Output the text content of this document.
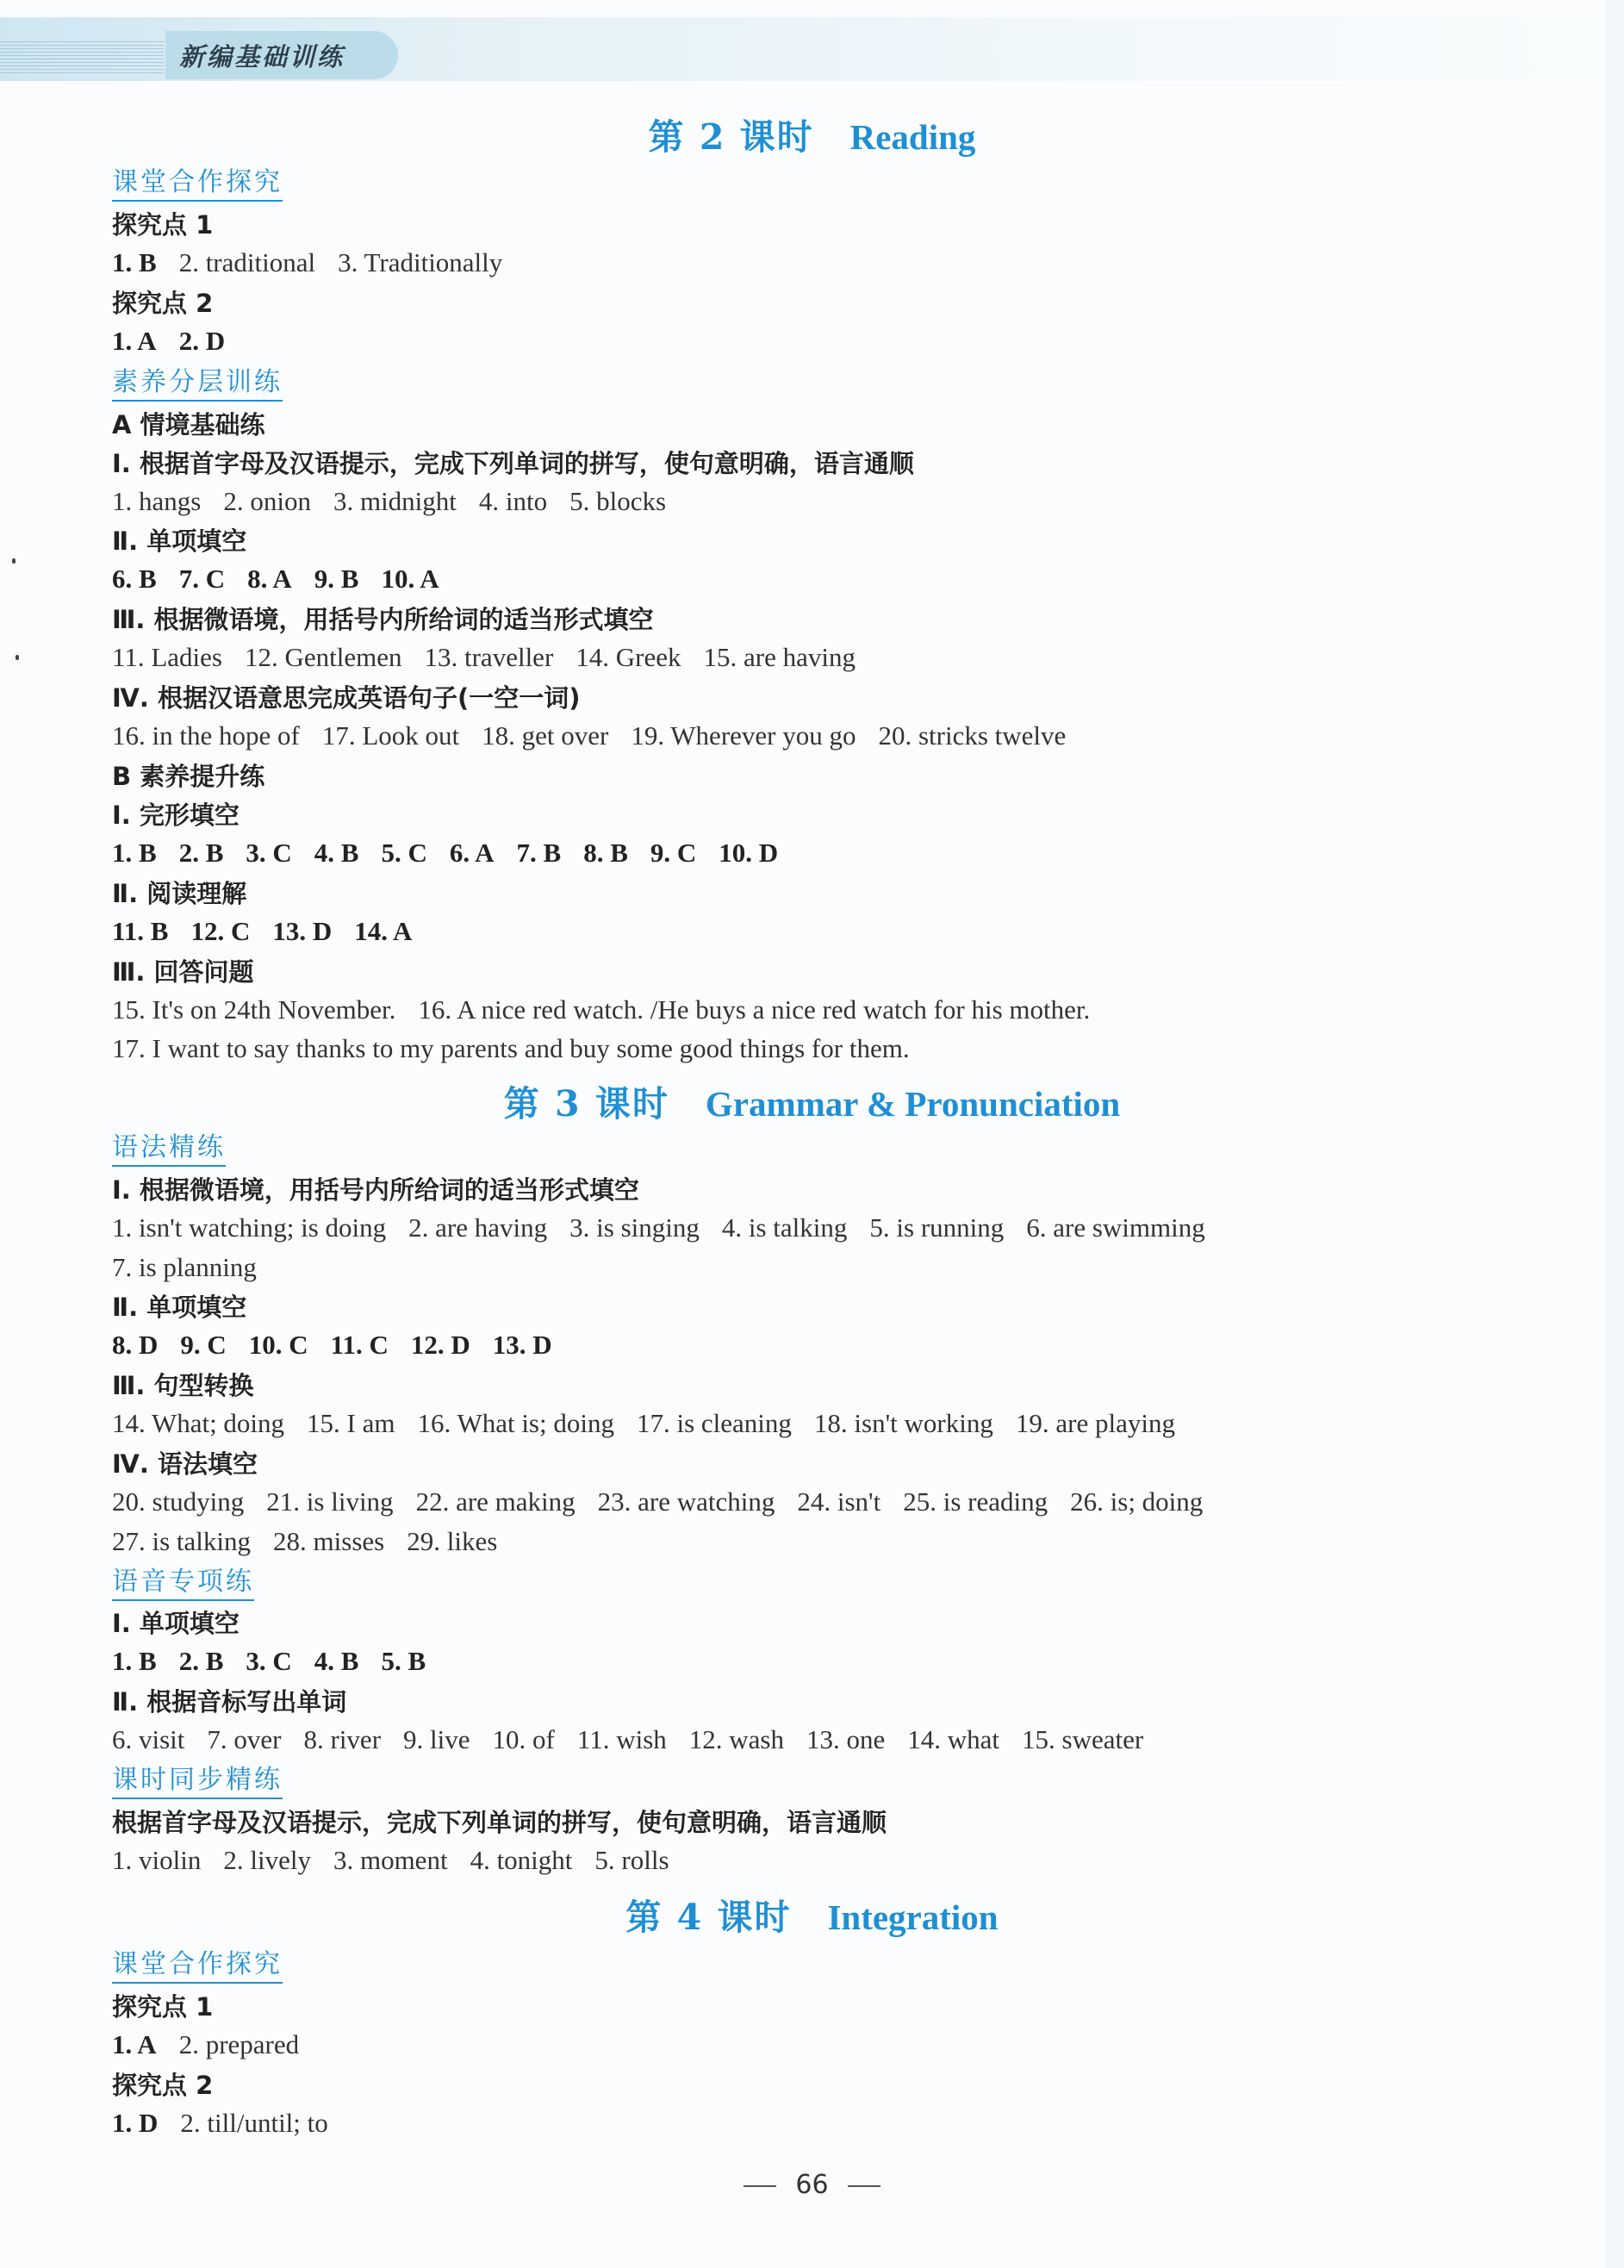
新编基础训练
第 2 课时 Reading
课堂合作探究
探究点 1
1. B 2. traditional 3. Traditionally
探究点 2
1. A 2. D
素养分层训练
A 情境基础练
Ⅰ. 根据首字母及汉语提示，完成下列单词的拼写，使句意明确，语言通顺
1. hangs 2. onion 3. midnight 4. into 5. blocks
Ⅱ. 单项填空
6. B 7. C 8. A 9. B 10. A
Ⅲ. 根据微语境，用括号内所给词的适当形式填空
11. Ladies 12. Gentlemen 13. traveller 14. Greek 15. are having
Ⅳ. 根据汉语意思完成英语句子(一空一词)
16. in the hope of 17. Look out 18. get over 19. Wherever you go 20. stricks twelve
B 素养提升练
Ⅰ. 完形填空
1. B 2. B 3. C 4. B 5. C 6. A 7. B 8. B 9. C 10. D
Ⅱ. 阅读理解
11. B 12. C 13. D 14. A
Ⅲ. 回答问题
15. It's on 24th November. 16. A nice red watch. /He buys a nice red watch for his mother.
17. I want to say thanks to my parents and buy some good things for them.
第 3 课时 Grammar & Pronunciation
语法精练
Ⅰ. 根据微语境，用括号内所给词的适当形式填空
1. isn't watching; is doing 2. are having 3. is singing 4. is talking 5. is running 6. are swimming
7. is planning
Ⅱ. 单项填空
8. D 9. C 10. C 11. C 12. D 13. D
Ⅲ. 句型转换
14. What; doing 15. I am 16. What is; doing 17. is cleaning 18. isn't working 19. are playing
Ⅳ. 语法填空
20. studying 21. is living 22. are making 23. are watching 24. isn't 25. is reading 26. is; doing
27. is talking 28. misses 29. likes
语音专项练
Ⅰ. 单项填空
1. B 2. B 3. C 4. B 5. B
Ⅱ. 根据音标写出单词
6. visit 7. over 8. river 9. live 10. of 11. wish 12. wash 13. one 14. what 15. sweater
课时同步精练
根据首字母及汉语提示，完成下列单词的拼写，使句意明确，语言通顺
1. violin 2. lively 3. moment 4. tonight 5. rolls
第 4 课时 Integration
课堂合作探究
探究点 1
1. A 2. prepared
探究点 2
1. D 2. till/until; to
66
